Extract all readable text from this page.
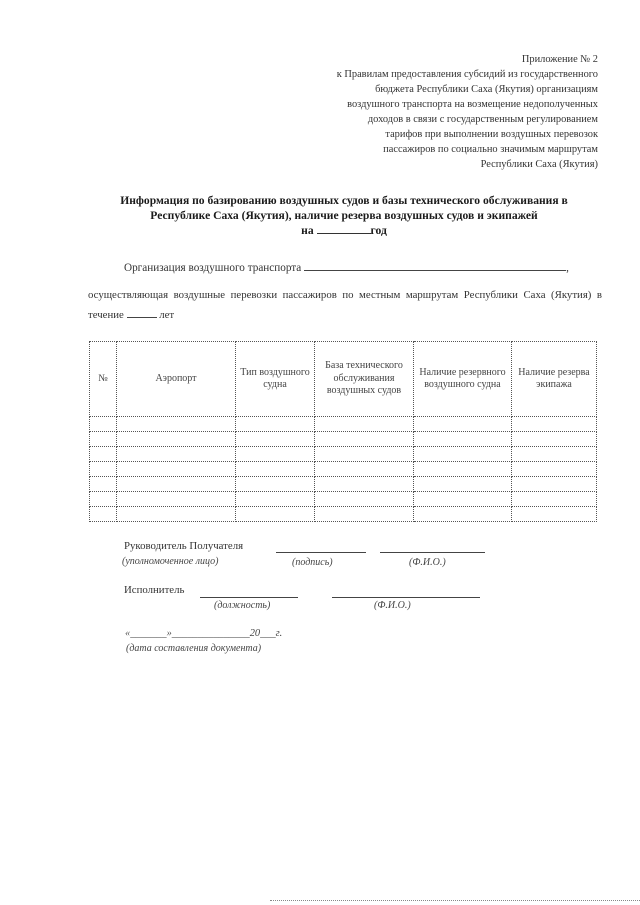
Приложение № 2
к Правилам предоставления субсидий из государственного
бюджета Республики Саха (Якутия) организациям
воздушного транспорта на возмещение недополученных
доходов в связи с государственным регулированием
тарифов при выполнении воздушных перевозок
пассажиров по социально значимым маршрутам
Республики Саха (Якутия)
Информация по базированию воздушных судов и базы технического обслуживания в
Республике Саха (Якутия), наличие резерва воздушных судов и экипажей
на	год
Организация воздушного транспорта	,
осуществляющая воздушные перевозки пассажиров по местным маршрутам Республики Саха (Якутия) в течение	лет
№	Аэропорт	Тип воздушного судна	База технического обслуживания воздушных судов	Наличие резервного воздушного судна	Наличие резерва экипажа

Руководитель Получателя
(уполномоченное лицо)	(подпись)	(Ф.И.О.)
Исполнитель
(должность)	(Ф.И.О.)
«_______»_______________20___г.
(дата составления документа)
